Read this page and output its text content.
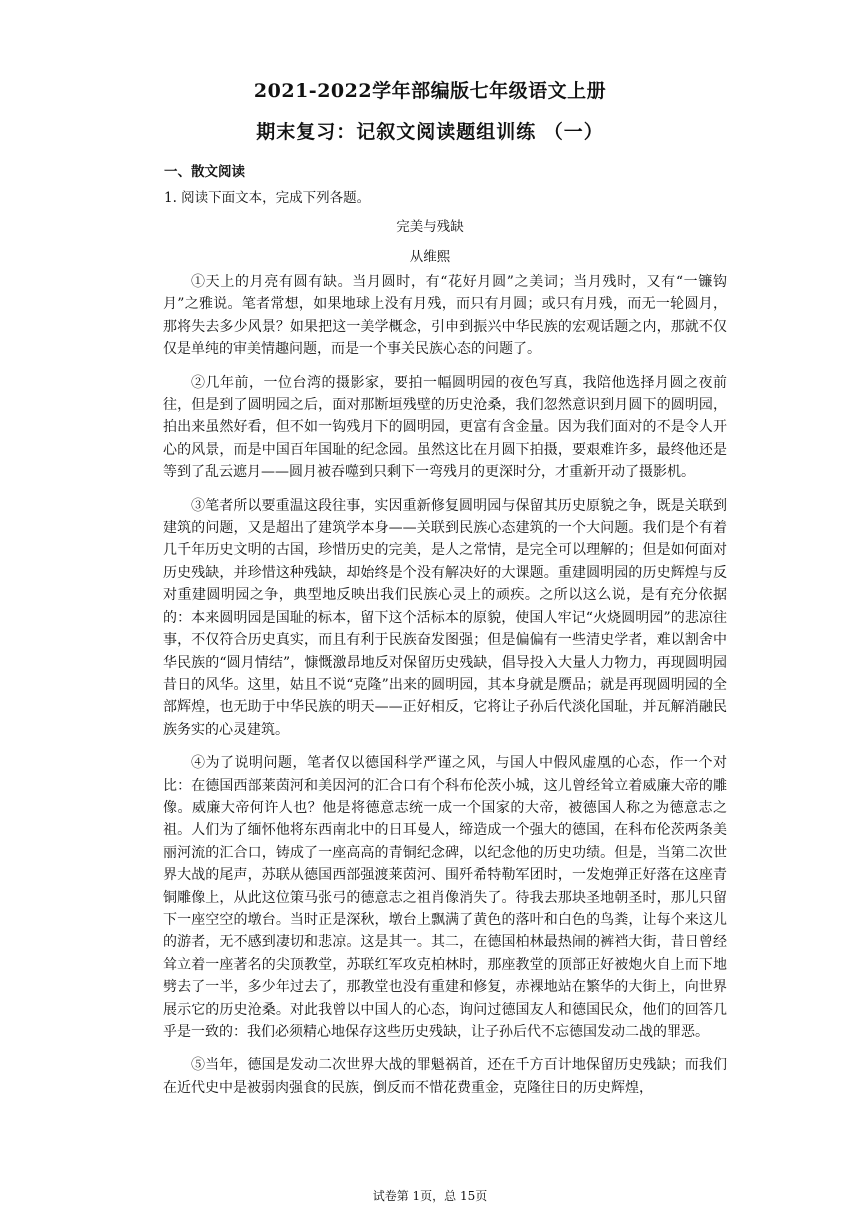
2021-2022学年部编版七年级语文上册
期末复习：记叙文阅读题组训练 （一）
一、散文阅读
1. 阅读下面文本，完成下列各题。
完美与残缺
从维熙

①天上的月亮有圆有缺。当月圆时，有“花好月圆”之美词；当月残时，又有“一镰钩月”之雅说。笔者常想，如果地球上没有月残，而只有月圆；或只有月残，而无一轮圆月，那将失去多少风景？如果把这一美学概念，引申到振兴中华民族的宏观话题之内，那就不仅仅是单纯的审美情趣问题，而是一个事关民族心态的问题了。

②几年前，一位台湾的摄影家，要拍一幅圆明园的夜色写真，我陪他选择月圆之夜前往，但是到了圆明园之后，面对那断垣残壁的历史沧桑，我们忽然意识到月圆下的圆明园，拍出来虽然好看，但不如一钩残月下的圆明园，更富有含金量。因为我们面对的不是令人开心的风景，而是中国百年国耻的纪念园。虽然这比在月圆下拍摄，要艰难许多，最终他还是等到了乱云遮月——圆月被吞噬到只剩下一弯残月的更深时分，才重新开动了摄影机。

③笔者所以要重温这段往事，实因重新修复圆明园与保留其历史原貌之争，既是关联到建筑的问题，又是超出了建筑学本身——关联到民族心态建筑的一个大问题。我们是个有着几千年历史文明的古国，珍惜历史的完美，是人之常情，是完全可以理解的；但是如何面对历史残缺，并珍惜这种残缺，却始终是个没有解决好的大课题。重建圆明园的历史辉煌与反对重建圆明园之争，典型地反映出我们民族心灵上的顽疾。之所以这么说，是有充分依据的：本来圆明园是国耻的标本，留下这个活标本的原貌，使国人牢记“火烧圆明园”的悲凉往事，不仅符合历史真实，而且有利于民族奋发图强；但是偏偏有一些清史学者，难以割舍中华民族的“圆月情结”，慷慨激昂地反对保留历史残缺，倡导投入大量人力物力，再现圆明园昔日的风华。这里，姑且不说“克隆”出来的圆明园，其本身就是赝品；就是再现圆明园的全部辉煌，也无助于中华民族的明天——正好相反，它将让子孙后代淡化国耻，并瓦解消融民族务实的心灵建筑。

④为了说明问题，笔者仅以德国科学严谨之风，与国人中假风虚凰的心态，作一个对比：在德国西部莱茵河和美因河的汇合口有个科布伦茨小城，这儿曾经耸立着威廉大帝的雕像。威廉大帝何许人也？他是将德意志统一成一个国家的大帝，被德国人称之为德意志之祖。人们为了缅怀他将东西南北中的日耳曼人，缔造成一个强大的德国，在科布伦茨两条美丽河流的汇合口，铸成了一座高高的青铜纪念碑，以纪念他的历史功绩。但是，当第二次世界大战的尾声，苏联从德国西部强渡莱茵河、围歼希特勒军团时，一发炮弹正好落在这座青铜雕像上，从此这位策马张弓的德意志之祖肖像消失了。待我去那块圣地朝圣时，那儿只留下一座空空的墩台。当时正是深秋，墩台上飘满了黄色的落叶和白色的鸟粪，让每个来这儿的游者，无不感到凄切和悲凉。这是其一。其二，在德国柏林最热闹的裤裆大街，昔日曾经耸立着一座著名的尖顶教堂，苏联红军攻克柏林时，那座教堂的顶部正好被炮火自上而下地劈去了一半，多少年过去了，那教堂也没有重建和修复，赤裸地站在繁华的大街上，向世界展示它的历史沧桑。对此我曾以中国人的心态，询问过德国友人和德国民众，他们的回答几乎是一致的：我们必须精心地保存这些历史残缺，让子孙后代不忘德国发动二战的罪恶。

⑤当年，德国是发动二次世界大战的罪魁祸首，还在千方百计地保留历史残缺；而我们在近代史中是被弱肉强食的民族，倒反而不惜花费重金，克隆往日的历史辉煌，

试卷第 1页，总 15页
